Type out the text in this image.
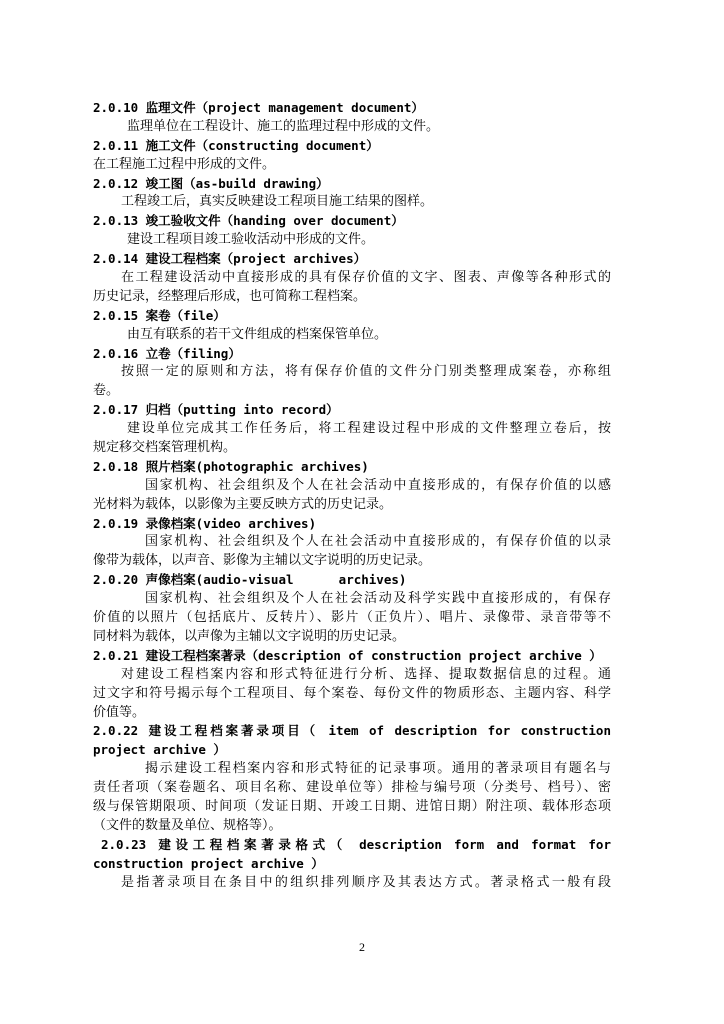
2.0.10 监理文件（project management document）
监理单位在工程设计、施工的监理过程中形成的文件。
2.0.11 施工文件（constructing document）
在工程施工过程中形成的文件。
2.0.12 竣工图（as-build drawing）
工程竣工后，真实反映建设工程项目施工结果的图样。
2.0.13 竣工验收文件（handing over document）
建设工程项目竣工验收活动中形成的文件。
2.0.14 建设工程档案（project archives）
在工程建设活动中直接形成的具有保存价值的文字、图表、声像等各种形式的
历史记录，经整理后形成，也可简称工程档案。
2.0.15 案卷（file）
由互有联系的若干文件组成的档案保管单位。
2.0.16 立卷（filing）
按照一定的原则和方法，将有保存价值的文件分门别类整理成案卷，亦称组
卷。
2.0.17 归档（putting into record）
建设单位完成其工作任务后，将工程建设过程中形成的文件整理立卷后，按
规定移交档案管理机构。
2.0.18 照片档案(photographic archives)
国家机构、社会组织及个人在社会活动中直接形成的，有保存价值的以感
光材料为载体，以影像为主要反映方式的历史记录。
2.0.19 录像档案(video archives)
国家机构、社会组织及个人在社会活动中直接形成的，有保存价值的以录
像带为载体，以声音、影像为主辅以文字说明的历史记录。
2.0.20 声像档案(audio-visual      archives)
国家机构、社会组织及个人在社会活动及科学实践中直接形成的，有保存
价值的以照片（包括底片、反转片）、影片（正负片）、唱片、录像带、录音带等不
同材料为载体，以声像为主辅以文字说明的历史记录。
2.0.21 建设工程档案著录（description of construction project archive ）
对建设工程档案内容和形式特征进行分析、选择、提取数据信息的过程。通
过文字和符号揭示每个工程项目、每个案卷、每份文件的物质形态、主题内容、科学
价值等。
2.0.22 建设工程档案著录项目（ item of description for construction
project archive ）
揭示建设工程档案内容和形式特征的记录事项。通用的著录项目有题名与
责任者项（案卷题名、项目名称、建设单位等）排检与编号项（分类号、档号）、密
级与保管期限项、时间项（发证日期、开竣工日期、进馆日期）附注项、载体形态项
（文件的数量及单位、规格等）。
2.0.23 建设工程档案著录格式（ description form and format for
construction project archive ）
是指著录项目在条目中的组织排列顺序及其表达方式。著录格式一般有段
2
